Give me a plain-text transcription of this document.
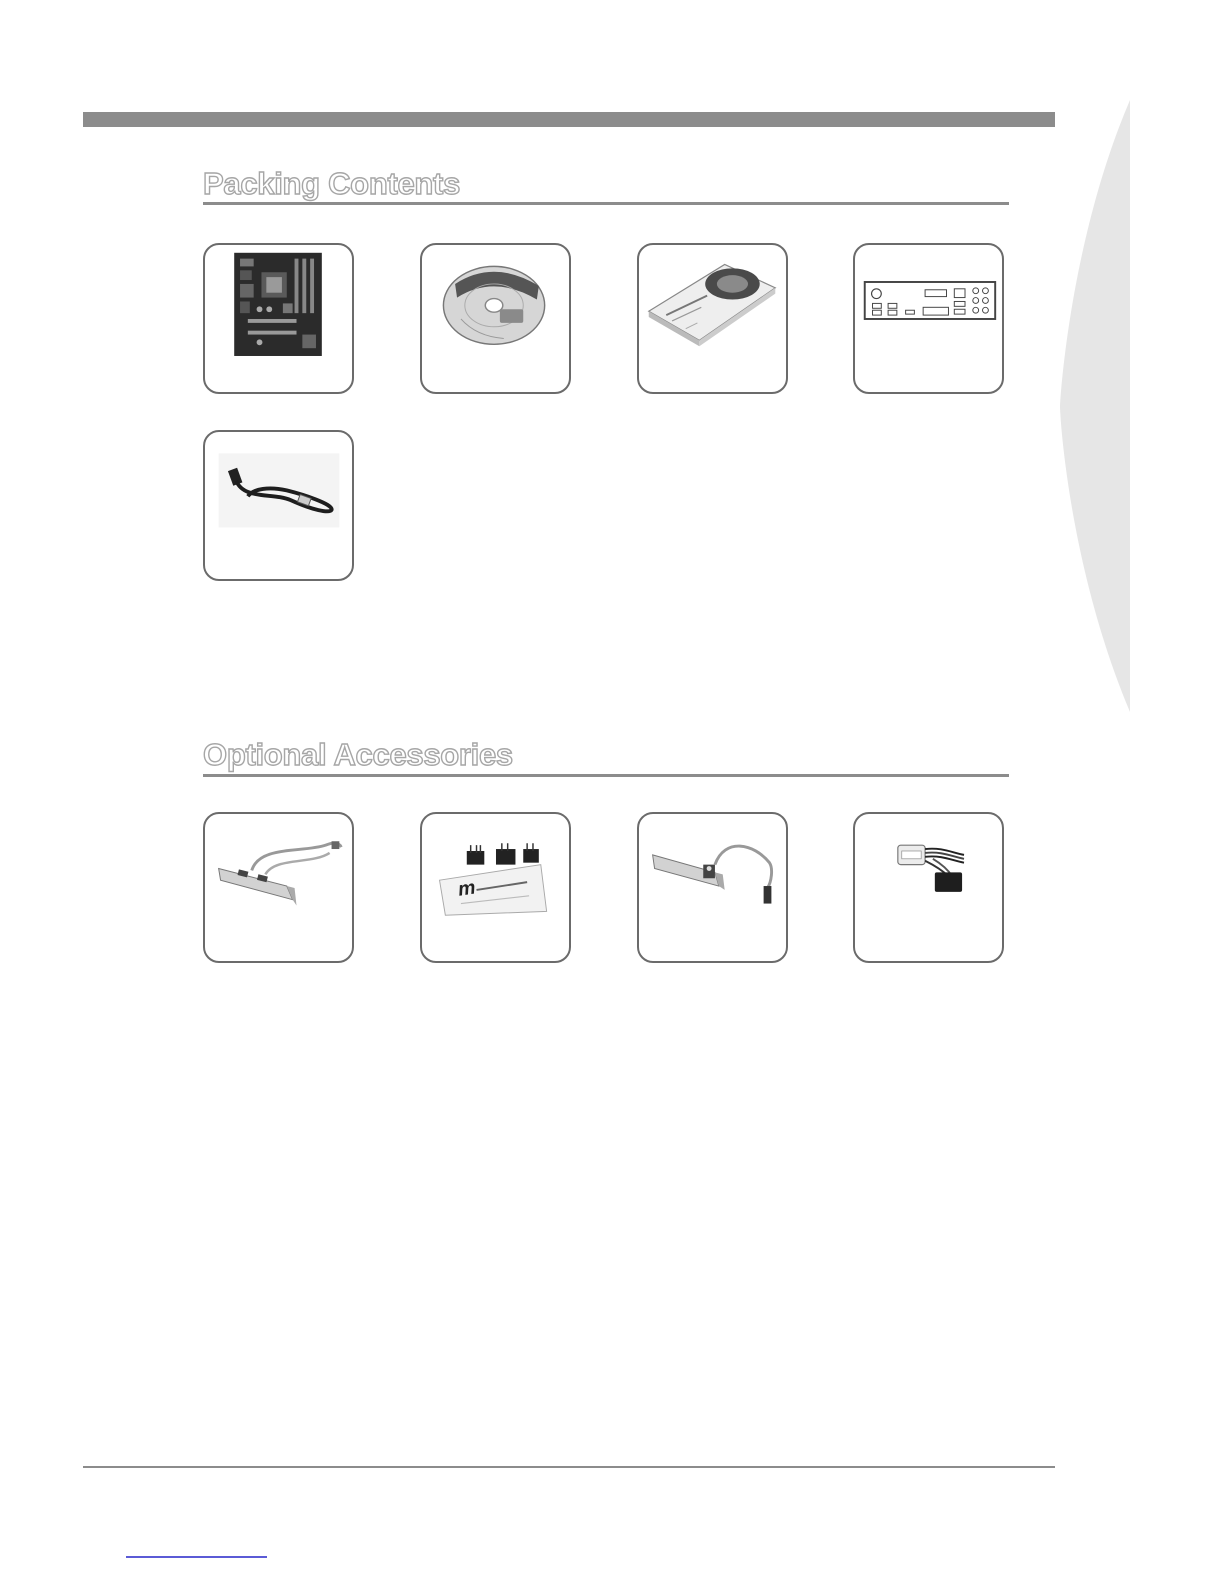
Packing Contents
Optional Accessories
m
